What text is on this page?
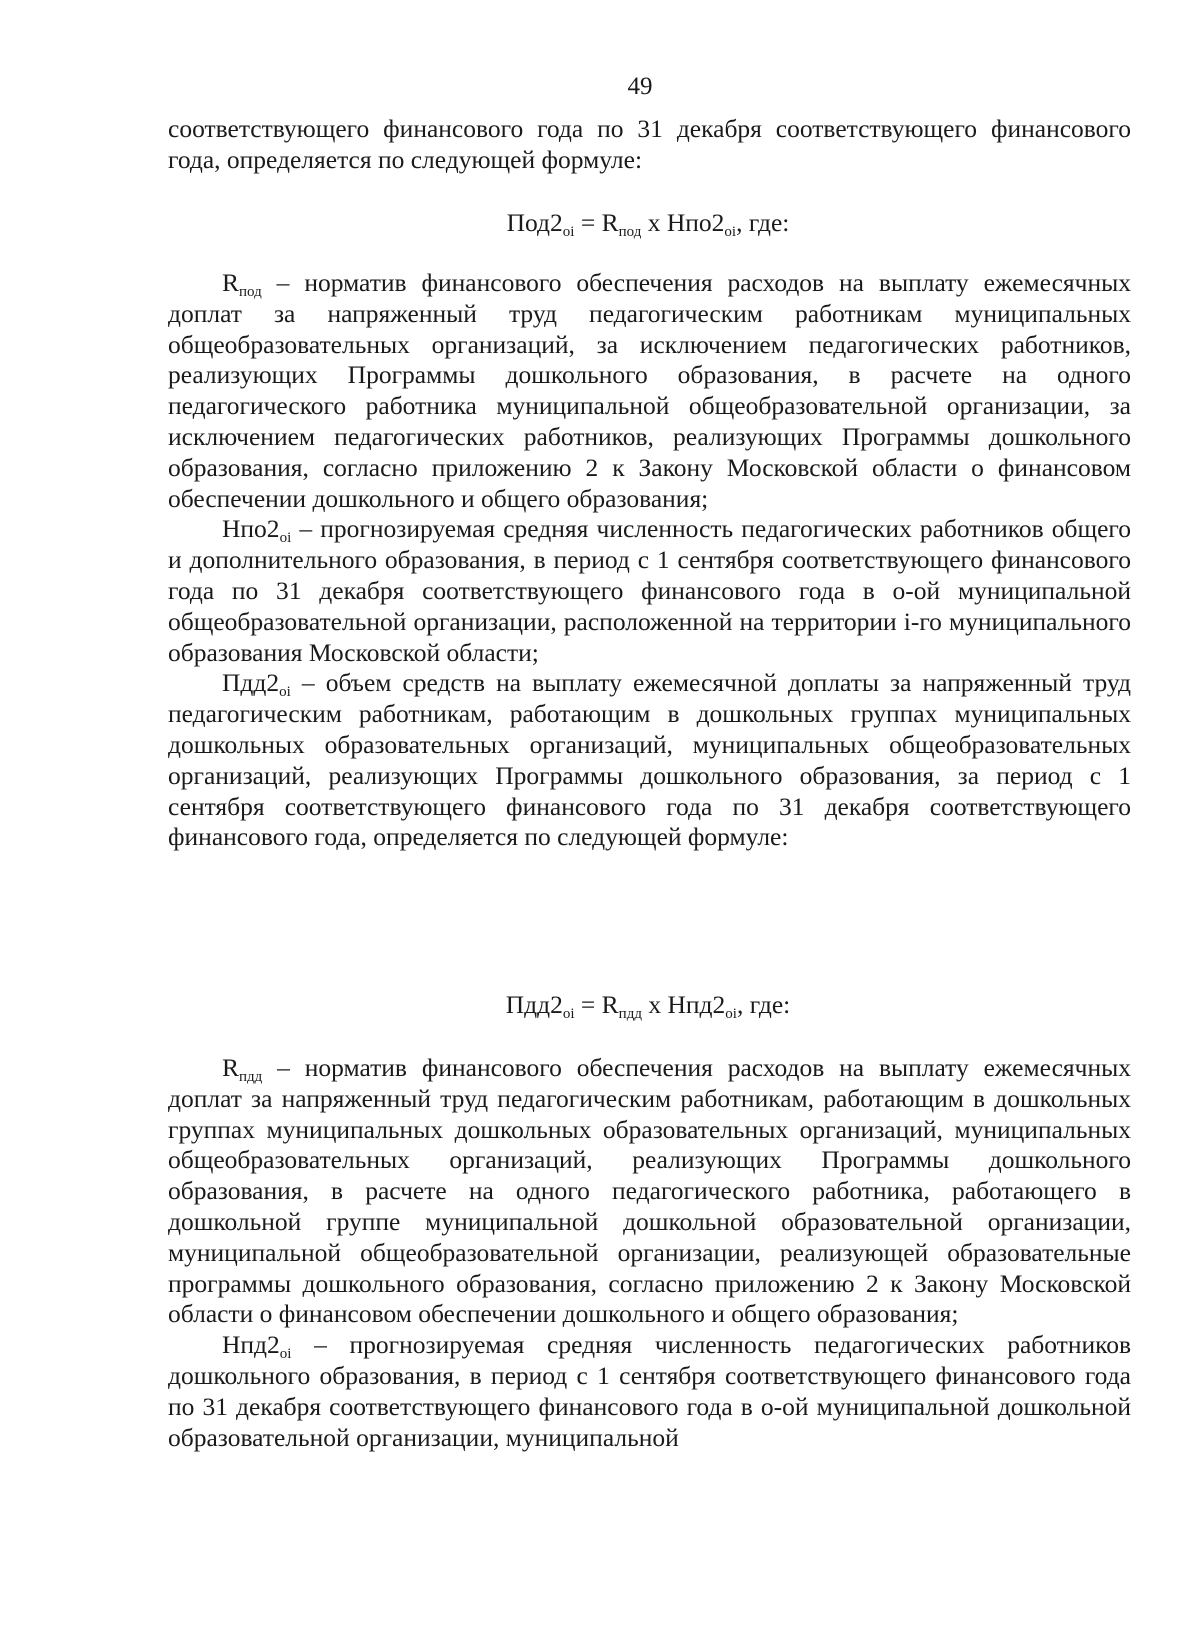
49

соответствующего финансового года по 31 декабря соответствующего финансового года, определяется по следующей формуле:

$Под2_{oi} = R_{под}$ х $Нпо2_{oi}$, где:

$R_{под}$ – норматив финансового обеспечения расходов на выплату ежемесячных доплат за напряженный труд педагогическим работникам муниципальных общеобразовательных организаций, за исключением педагогических работников, реализующих Программы дошкольного образования, в расчете на одного педагогического работника муниципальной общеобразовательной организации, за исключением педагогических работников, реализующих Программы дошкольного образования, согласно приложению 2 к Закону Московской области о финансовом обеспечении дошкольного и общего образования;

$Нпо2_{oi}$ – прогнозируемая средняя численность педагогических работников общего и дополнительного образования, в период с 1 сентября соответствующего финансового года по 31 декабря соответствующего финансового года в о-ой муниципальной общеобразовательной организации, расположенной на территории i-го муниципального образования Московской области;

$Пдд2_{oi}$ – объем средств на выплату ежемесячной доплаты за напряженный труд педагогическим работникам, работающим в дошкольных группах муниципальных дошкольных образовательных организаций, муниципальных общеобразовательных организаций, реализующих Программы дошкольного образования, за период с 1 сентября соответствующего финансового года по 31 декабря соответствующего финансового года, определяется по следующей формуле:

$Пдд2_{oi} = R_{пдд}$ х $Нпд2_{oi}$, где:

$R_{пдд}$ – норматив финансового обеспечения расходов на выплату ежемесячных доплат за напряженный труд педагогическим работникам, работающим в дошкольных группах муниципальных дошкольных образовательных организаций, муниципальных общеобразовательных организаций, реализующих Программы дошкольного образования, в расчете на одного педагогического работника, работающего в дошкольной группе муниципальной дошкольной образовательной организации, муниципальной общеобразовательной организации, реализующей образовательные программы дошкольного образования, согласно приложению 2 к Закону Московской области о финансовом обеспечении дошкольного и общего образования;

$Нпд2_{oi}$ – прогнозируемая средняя численность педагогических работников дошкольного образования, в период с 1 сентября соответствующего финансового года по 31 декабря соответствующего финансового года в о-ой муниципальной дошкольной образовательной организации, муниципальной
